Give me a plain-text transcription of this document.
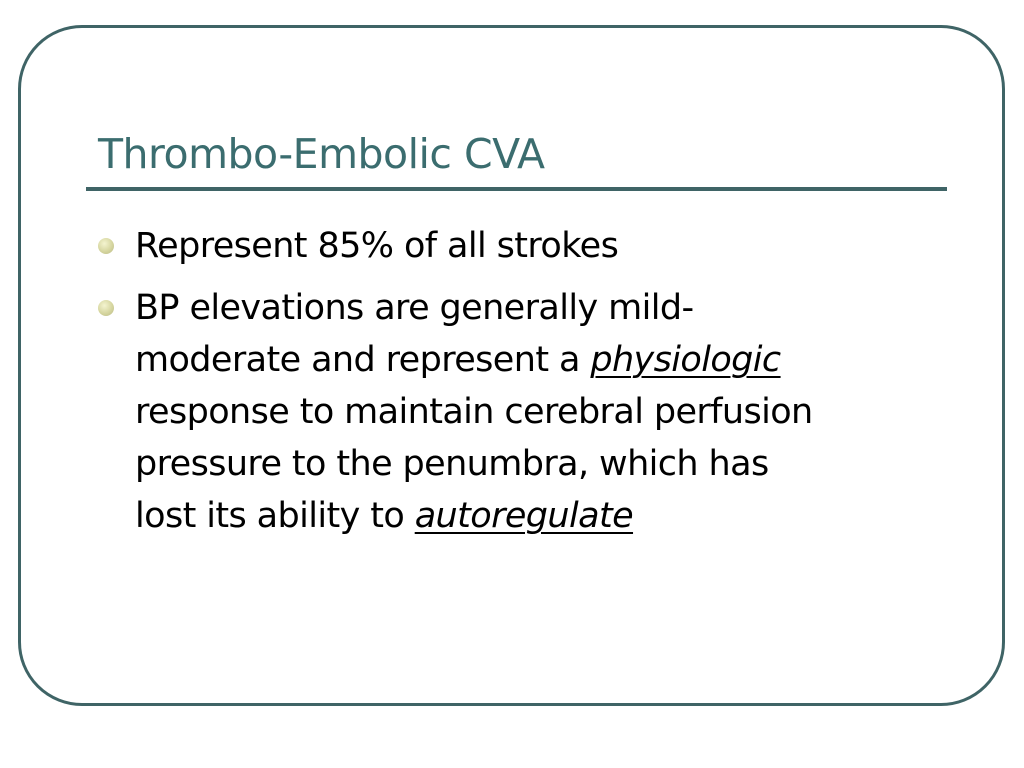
Thrombo-Embolic CVA
Represent 85% of all strokes
BP elevations are generally mild-
moderate and represent a physiologic
response to maintain cerebral perfusion
pressure to the penumbra, which has
lost its ability to autoregulate
